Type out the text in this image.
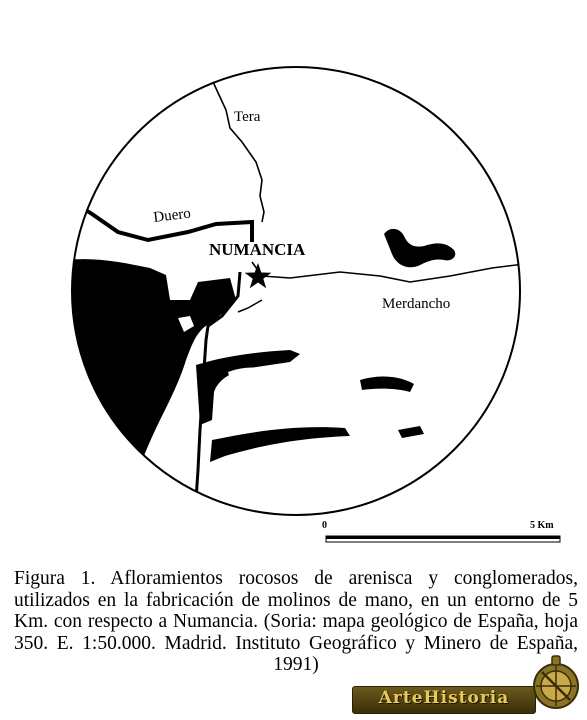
Tera
Duero
NUMANCIA
Merdancho
0	5 Km
Figura 1. Afloramientos rocosos de arenisca y conglomerados, utilizados en la fabricación de molinos de mano, en un entorno de 5 Km. con respecto a Numancia. (Soria: mapa geológico de España, hoja 350. E. 1:50.000. Madrid. Instituto Geográfico y Minero de España, 1991)
ArteHistoria
